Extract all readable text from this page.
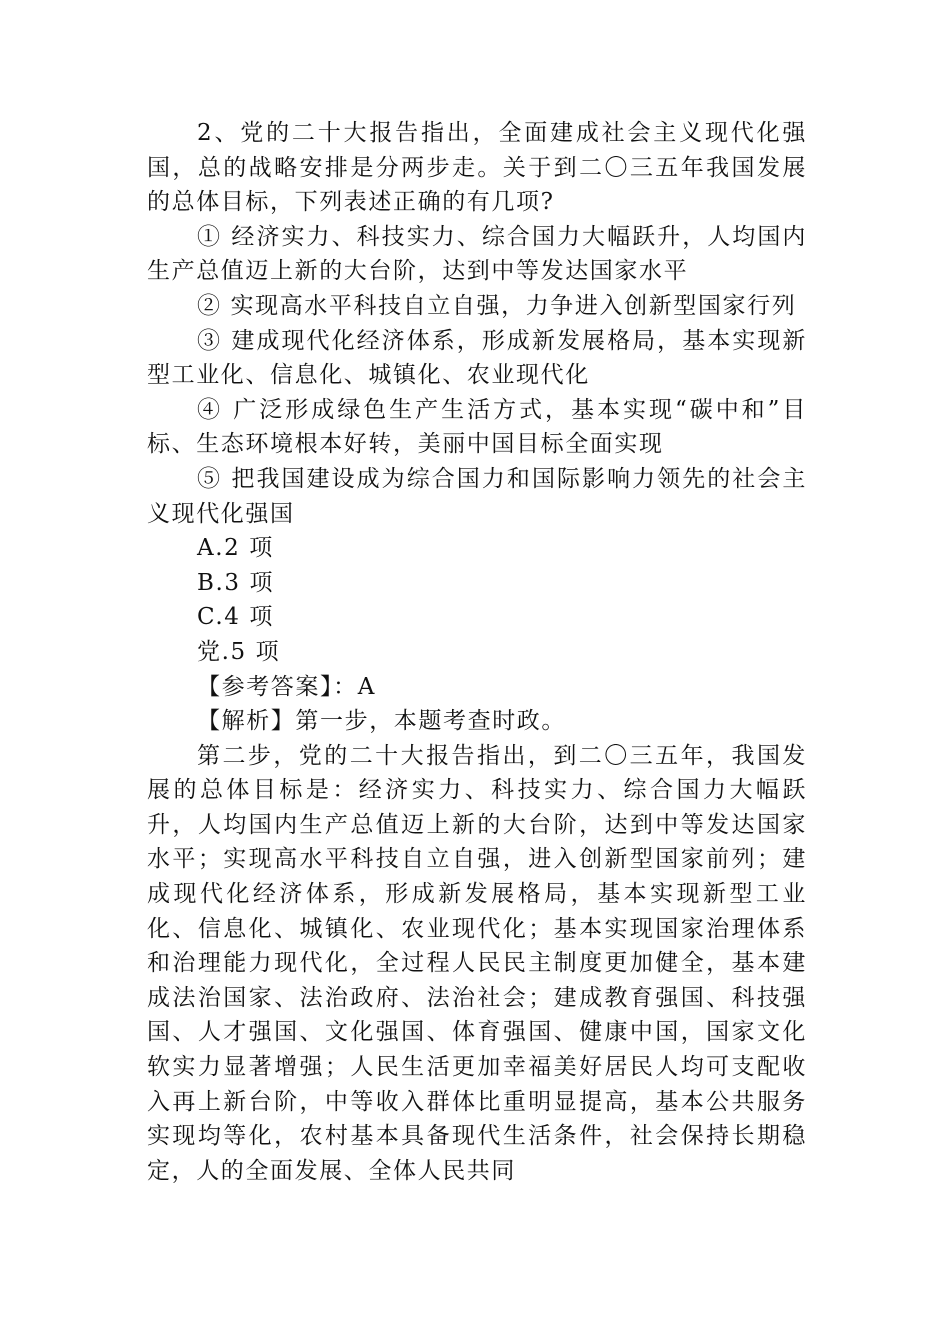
2、党的二十大报告指出，全面建成社会主义现代化强国，总的战略安排是分两步走。关于到二〇三五年我国发展的总体目标，下列表述正确的有几项?

① 经济实力、科技实力、综合国力大幅跃升，人均国内生产总值迈上新的大台阶，达到中等发达国家水平

② 实现高水平科技自立自强，力争进入创新型国家行列

③ 建成现代化经济体系，形成新发展格局，基本实现新型工业化、信息化、城镇化、农业现代化

④ 广泛形成绿色生产生活方式，基本实现“碳中和”目标、生态环境根本好转，美丽中国目标全面实现

⑤ 把我国建设成为综合国力和国际影响力领先的社会主义现代化强国

A.2 项

B.3 项

C.4 项

党.5 项

【参考答案】：A

【解析】第一步，本题考查时政。

第二步，党的二十大报告指出，到二〇三五年，我国发展的总体目标是：经济实力、科技实力、综合国力大幅跃升，人均国内生产总值迈上新的大台阶，达到中等发达国家水平；实现高水平科技自立自强，进入创新型国家前列；建成现代化经济体系，形成新发展格局，基本实现新型工业化、信息化、城镇化、农业现代化；基本实现国家治理体系和治理能力现代化，全过程人民民主制度更加健全，基本建成法治国家、法治政府、法治社会；建成教育强国、科技强国、人才强国、文化强国、体育强国、健康中国，国家文化软实力显著增强；人民生活更加幸福美好居民人均可支配收入再上新台阶，中等收入群体比重明显提高，基本公共服务实现均等化，农村基本具备现代生活条件，社会保持长期稳定，人的全面发展、全体人民共同
